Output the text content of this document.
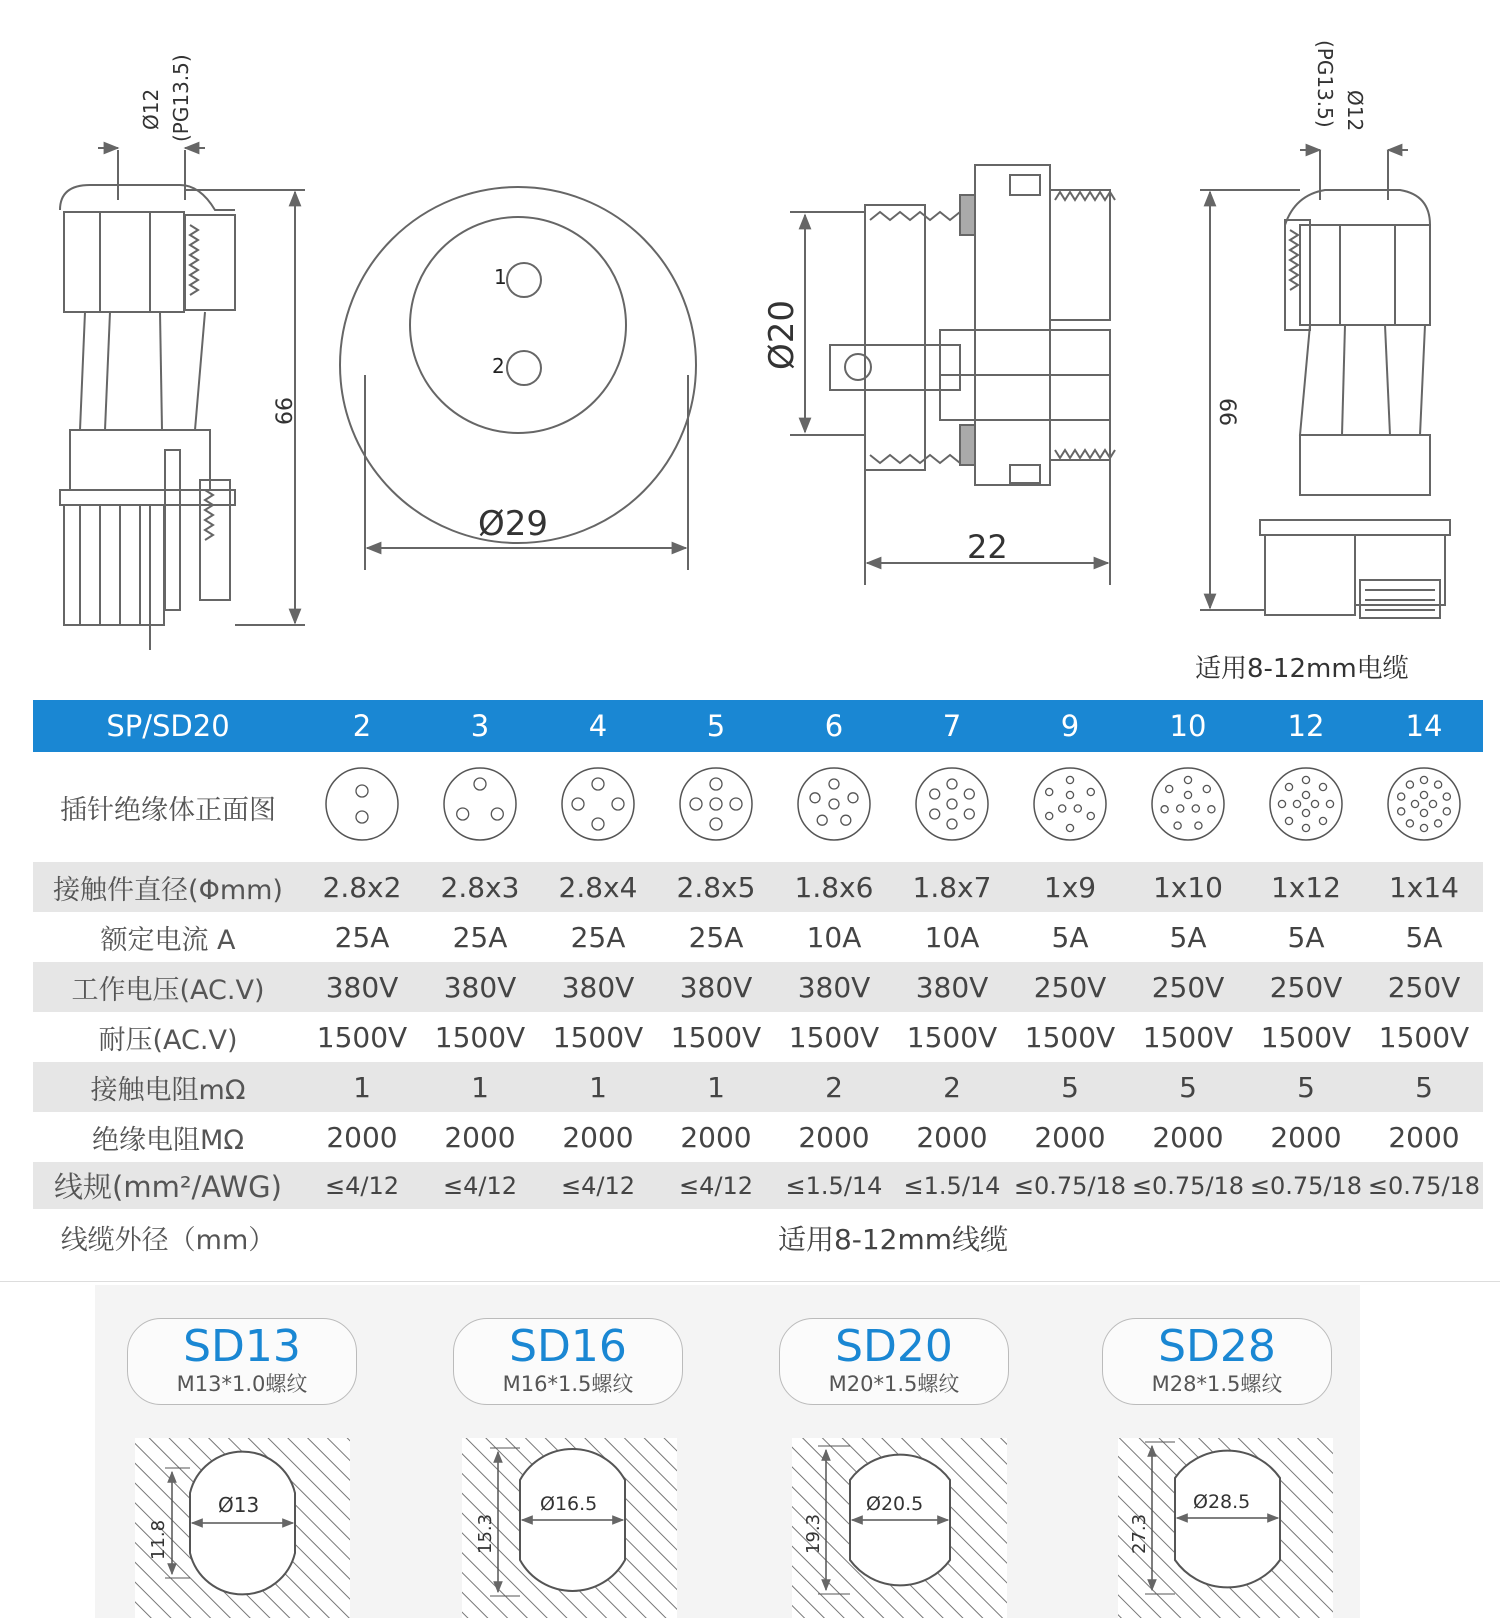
Ø12 (PG13.5)
66
1
2
Ø29
Ø20
22
Ø12
(PG13.5)
66
适用8-12mm电缆
SP/SD20	2	3	4	5	6	7	9	10	12	14
插针绝缘体正面图										
接触件直径(Φmm)	2.8x2	2.8x3	2.8x4	2.8x5	1.8x6	1.8x7	1x9	1x10	1x12	1x14
额定电流 A	25A	25A	25A	25A	10A	10A	5A	5A	5A	5A
工作电压(AC.V)	380V	380V	380V	380V	380V	380V	250V	250V	250V	250V
耐压(AC.V)	1500V	1500V	1500V	1500V	1500V	1500V	1500V	1500V	1500V	1500V
接触电阻mΩ	1	1	1	1	2	2	5	5	5	5
绝缘电阻MΩ	2000	2000	2000	2000	2000	2000	2000	2000	2000	2000
线规(mm²/AWG)	≤4/12	≤4/12	≤4/12	≤4/12	≤1.5/14	≤1.5/14	≤0.75/18	≤0.75/18	≤0.75/18	≤0.75/18
线缆外径（mm）	适用8-12mm线缆									
SD13
M13*1.0螺纹
SD16
M16*1.5螺纹
SD20
M20*1.5螺纹
SD28
M28*1.5螺纹
Ø13
11.8
Ø16.5
15.3
Ø20.5
19.3
Ø28.5
27.3
